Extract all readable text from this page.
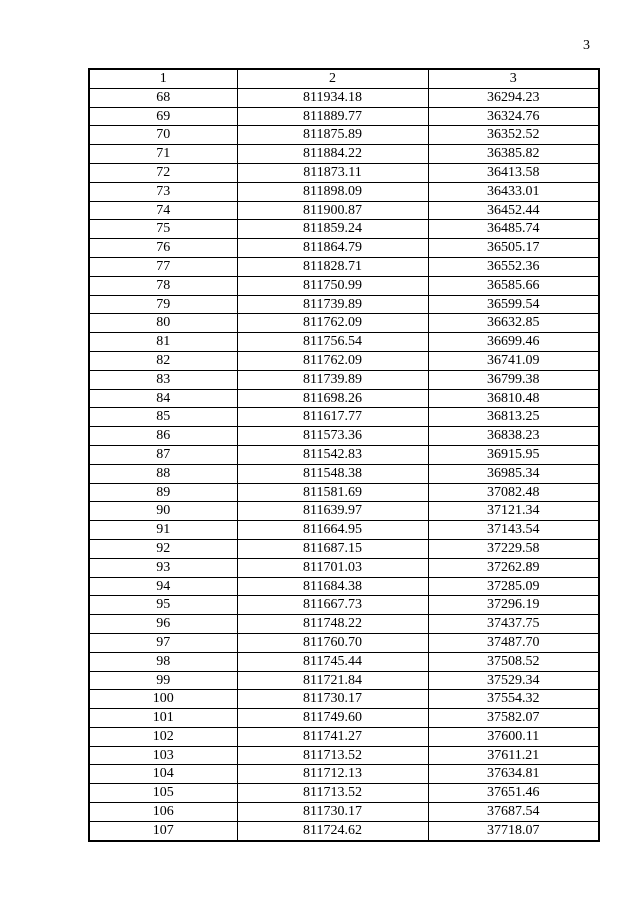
3
1	2	3
68	811934.18	36294.23
69	811889.77	36324.76
70	811875.89	36352.52
71	811884.22	36385.82
72	811873.11	36413.58
73	811898.09	36433.01
74	811900.87	36452.44
75	811859.24	36485.74
76	811864.79	36505.17
77	811828.71	36552.36
78	811750.99	36585.66
79	811739.89	36599.54
80	811762.09	36632.85
81	811756.54	36699.46
82	811762.09	36741.09
83	811739.89	36799.38
84	811698.26	36810.48
85	811617.77	36813.25
86	811573.36	36838.23
87	811542.83	36915.95
88	811548.38	36985.34
89	811581.69	37082.48
90	811639.97	37121.34
91	811664.95	37143.54
92	811687.15	37229.58
93	811701.03	37262.89
94	811684.38	37285.09
95	811667.73	37296.19
96	811748.22	37437.75
97	811760.70	37487.70
98	811745.44	37508.52
99	811721.84	37529.34
100	811730.17	37554.32
101	811749.60	37582.07
102	811741.27	37600.11
103	811713.52	37611.21
104	811712.13	37634.81
105	811713.52	37651.46
106	811730.17	37687.54
107	811724.62	37718.07
